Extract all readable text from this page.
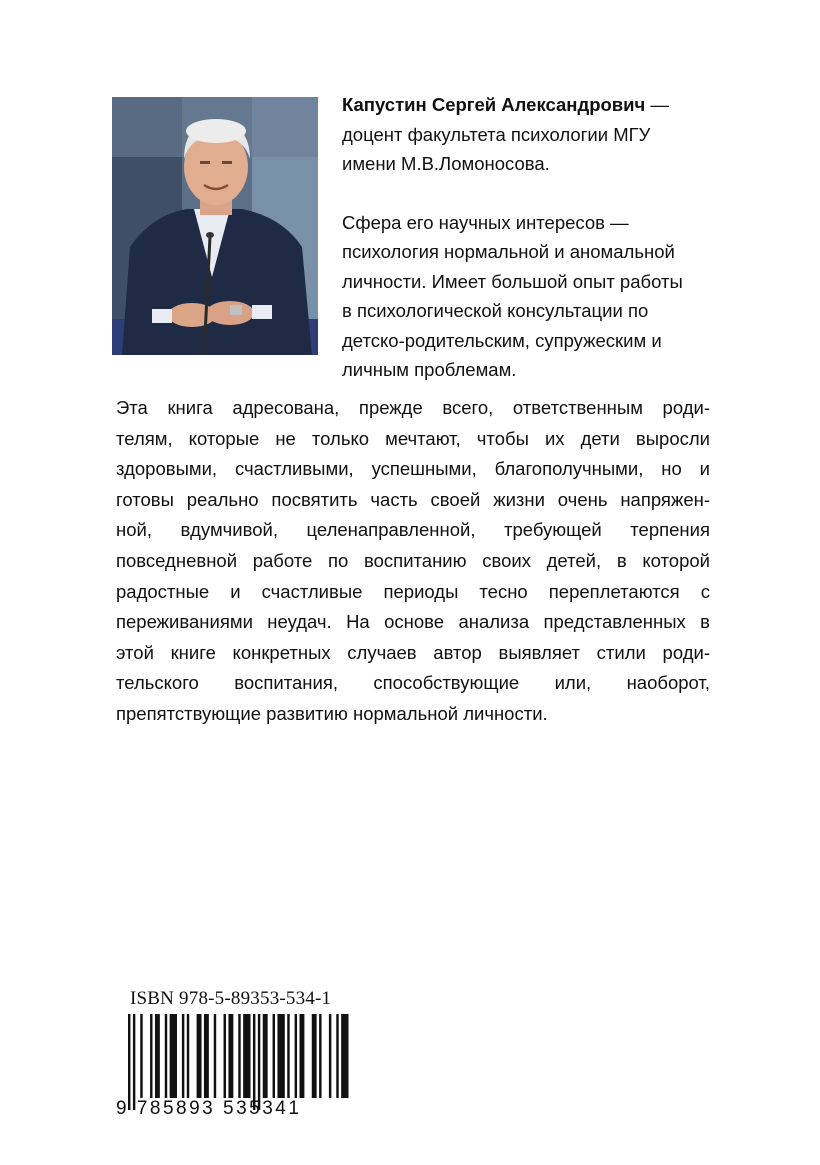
Капустин Сергей Александрович —

доцент факультета психологии МГУ

имени М.В.Ломоносова.

Сфера его научных интересов —

психология нормальной и аномальной

личности. Имеет большой опыт работы

в психологической консультации по

детско-родительским, супружеским и

личным проблемам.

Эта книга адресована, прежде всего, ответственным роди-
телям, которые не только мечтают, чтобы их дети выросли
здоровыми, счастливыми, успешными, благополучными, но и
готовы реально посвятить часть своей жизни очень напряжен-
ной, вдумчивой, целенаправленной, требующей терпения
повседневной работе по воспитанию своих детей, в которой
радостные и счастливые периоды тесно переплетаются с
переживаниями неудач. На основе анализа представленных в
этой книге конкретных случаев автор выявляет стили роди-
тельского воспитания, способствующие или, наоборот,
препятствующие развитию нормальной личности.
ISBN 978-5-89353-534-1
9 785893 535341
